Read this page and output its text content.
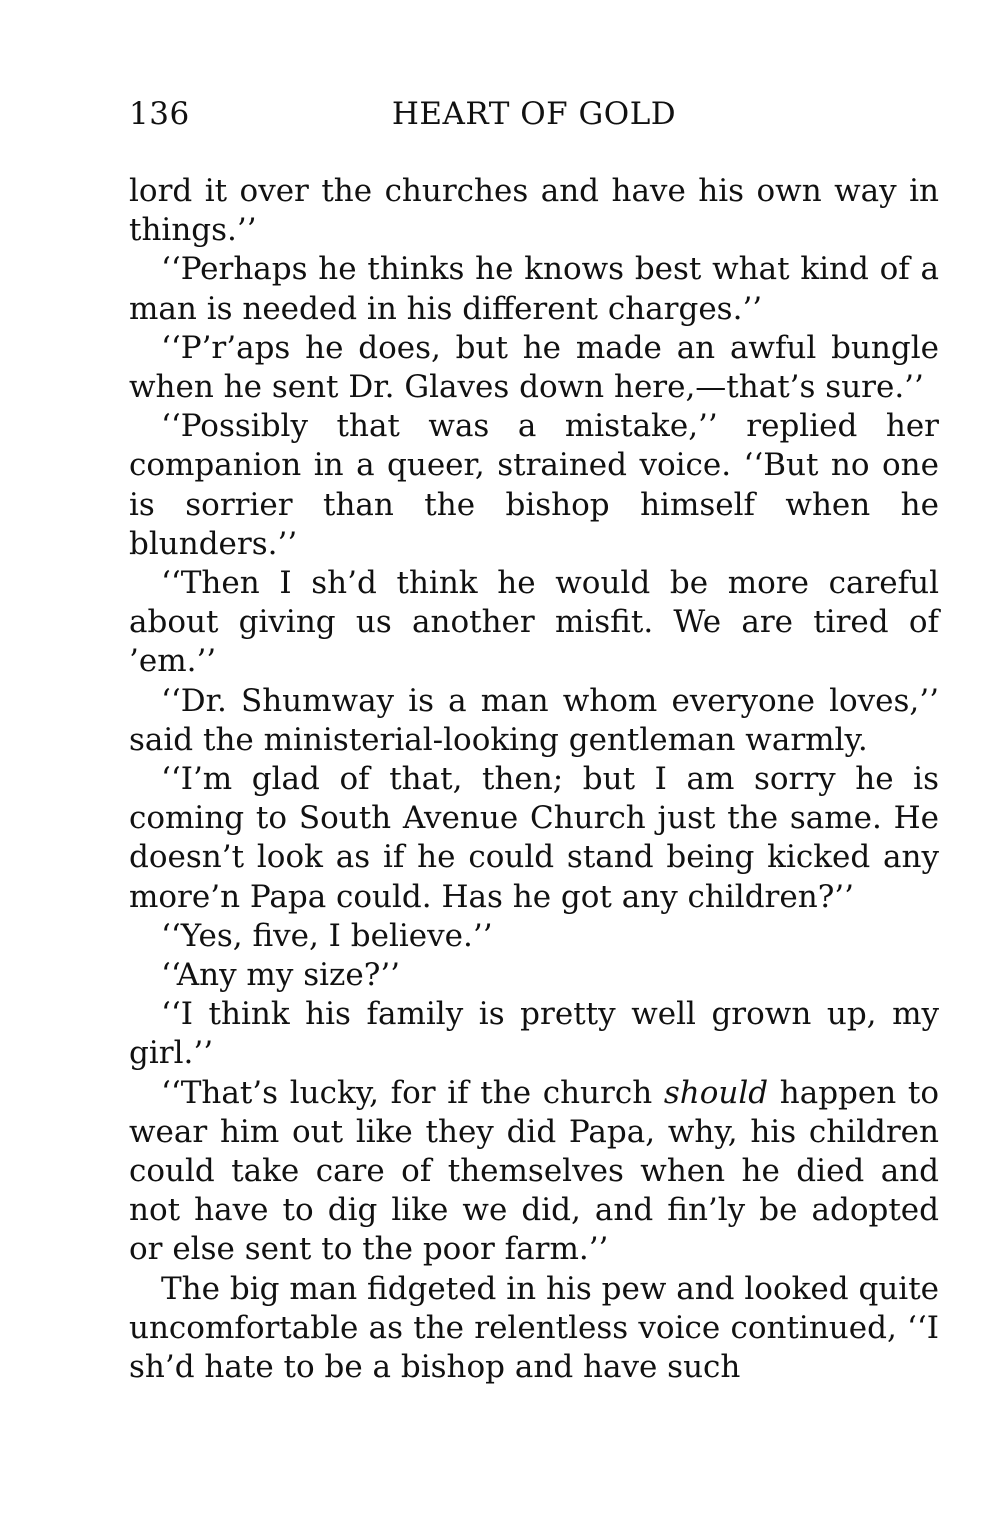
136	HEART OF GOLD

lord it over the churches and have his own way in things.’’

‘‘Perhaps he thinks he knows best what kind of a man is needed in his different charges.’’

‘‘P’r’aps he does, but he made an awful bungle when he sent Dr. Glaves down here,—that’s sure.’’

‘‘Possibly that was a mistake,’’ replied her companion in a queer, strained voice. ‘‘But no one is sorrier than the bishop himself when he blunders.’’

‘‘Then I sh’d think he would be more careful about giving us another misfit. We are tired of ’em.’’

‘‘Dr. Shumway is a man whom everyone loves,’’ said the ministerial-looking gentleman warmly.

‘‘I’m glad of that, then; but I am sorry he is coming to South Avenue Church just the same. He doesn’t look as if he could stand being kicked any more’n Papa could. Has he got any children?’’

‘‘Yes, five, I believe.’’

‘‘Any my size?’’

‘‘I think his family is pretty well grown up, my girl.’’

‘‘That’s lucky, for if the church should happen to wear him out like they did Papa, why, his children could take care of themselves when he died and not have to dig like we did, and fin’ly be adopted or else sent to the poor farm.’’

The big man fidgeted in his pew and looked quite uncomfortable as the relentless voice continued, ‘‘I sh’d hate to be a bishop and have such
